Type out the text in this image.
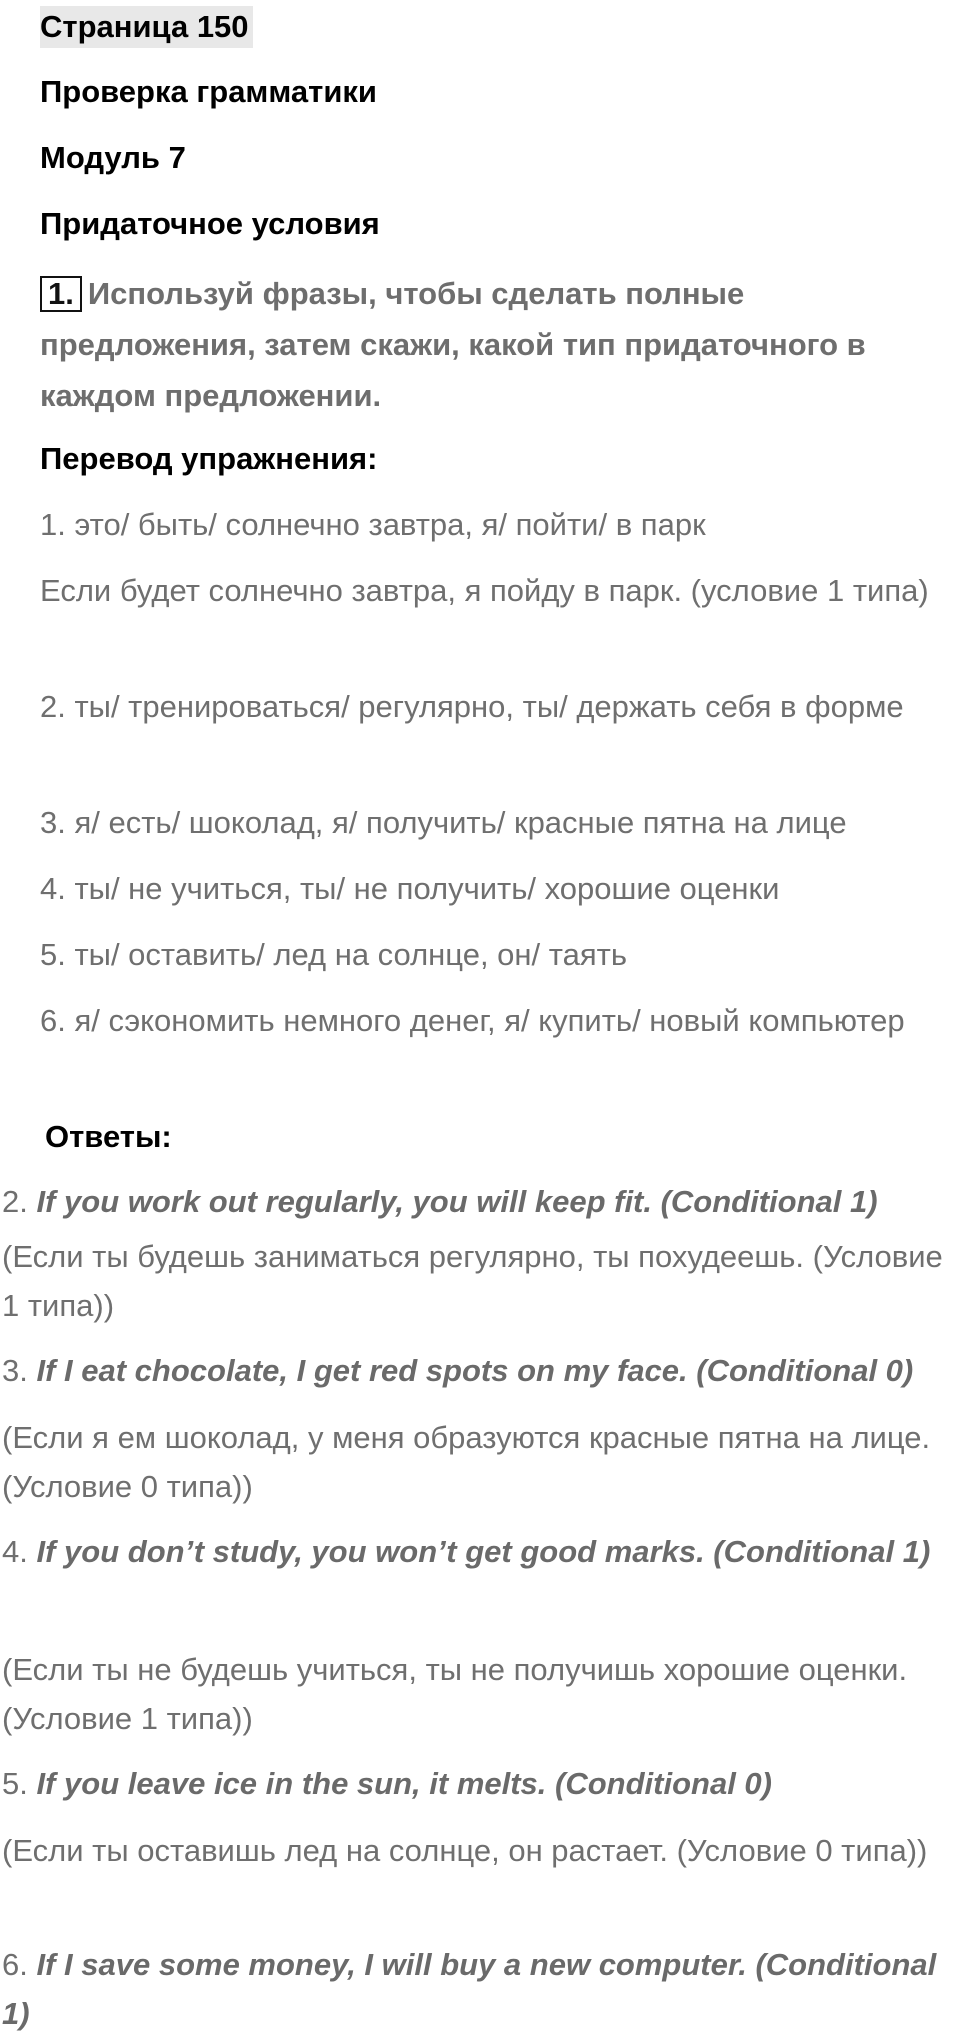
Страница 150
Проверка грамматики
Модуль 7
Придаточное условия
1. Используй фразы, чтобы сделать полные предложения, затем скажи, какой тип придаточного в каждом предложении.
Перевод упражнения:
1. это/ быть/ солнечно завтра, я/ пойти/ в парк
Если будет солнечно завтра, я пойду в парк. (условие 1 типа)
2. ты/ тренироваться/ регулярно, ты/ держать себя в форме
3. я/ есть/ шоколад, я/ получить/ красные пятна на лице
4. ты/ не учиться, ты/ не получить/ хорошие оценки
5. ты/ оставить/ лед на солнце, он/ таять
6. я/ сэкономить немного денег, я/ купить/ новый компьютер
Ответы:
2. If you work out regularly, you will keep fit. (Conditional 1)
(Если ты будешь заниматься регулярно, ты похудеешь. (Условие 1 типа))
3. If I eat chocolate, I get red spots on my face. (Conditional 0)
(Если я ем шоколад, у меня образуются красные пятна на лице. (Условие 0 типа))
4. If you don’t study, you won’t get good marks. (Conditional 1)
(Если ты не будешь учиться, ты не получишь хорошие оценки. (Условие 1 типа))
5. If you leave ice in the sun, it melts. (Conditional 0)
(Если ты оставишь лед на солнце, он растает. (Условие 0 типа))
6. If I save some money, I will buy a new computer. (Conditional 1)
